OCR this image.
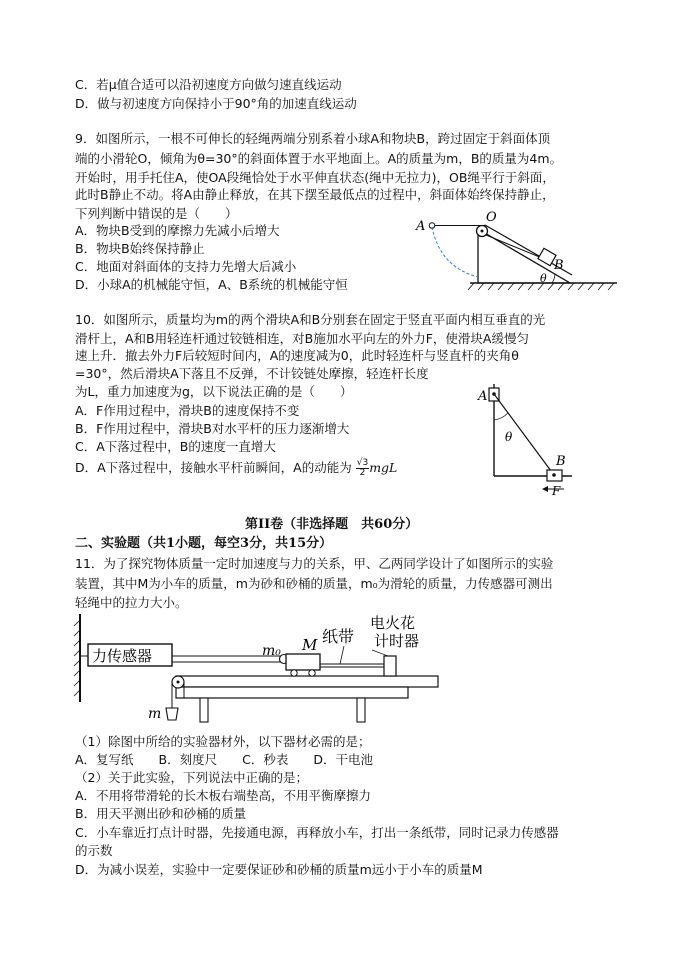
C．若μ值合适可以沿初速度方向做匀速直线运动
D．做与初速度方向保持小于90°角的加速直线运动
9．如图所示，一根不可伸长的轻绳两端分别系着小球A和物块B，跨过固定于斜面体顶
端的小滑轮O，倾角为θ=30°的斜面体置于水平地面上。A的质量为m，B的质量为4m。
开始时，用手托住A，使OA段绳恰处于水平伸直状态(绳中无拉力)，OB绳平行于斜面，
此时B静止不动。将A由静止释放，在其下摆至最低点的过程中，斜面体始终保持静止，
下列判断中错误的是（　　）
A．物块B受到的摩擦力先减小后增大
B．物块B始终保持静止
C．地面对斜面体的支持力先增大后减小
D．小球A的机械能守恒，A、B系统的机械能守恒
A
O
B
θ
10．如图所示，质量均为m的两个滑块A和B分别套在固定于竖直平面内相互垂直的光
滑杆上，A和B用轻连杆通过铰链相连，对B施加水平向左的外力F，使滑块A缓慢匀
速上升．撤去外力F后较短时间内，A的速度减为0，此时轻连杆与竖直杆的夹角θ
=30°，然后滑块A下落且不反弹，不计铰链处摩擦，轻连杆长度
为L，重力加速度为g，以下说法正确的是（　　）
A．F作用过程中，滑块B的速度保持不变
B．F作用过程中，滑块B对水平杆的压力逐渐增大
C．A下落过程中，B的速度一直增大
D．A下落过程中，接触水平杆前瞬间，A的动能为 $\frac{√3}{2}$ mgL
A
θ
B
F
第II卷（非选择题　共60分）
二、实验题（共1小题，每空3分，共15分）
11．为了探究物体质量一定时加速度与力的关系，甲、乙两同学设计了如图所示的实验
装置，其中M为小车的质量，m为砂和砂桶的质量，m₀为滑轮的质量，力传感器可测出
轻绳中的拉力大小。
力传感器	m₀ M 纸带
电火花
计时器
m
（1）除图中所给的实验器材外，以下器材必需的是；
A．复写纸　　B．刻度尺　　C．秒表　　D．干电池
（2）关于此实验，下列说法中正确的是；
A．不用将带滑轮的长木板右端垫高，不用平衡摩擦力
B．用天平测出砂和砂桶的质量
C．小车靠近打点计时器，先接通电源，再释放小车，打出一条纸带，同时记录力传感器
的示数
D．为减小误差，实验中一定要保证砂和砂桶的质量m远小于小车的质量M
